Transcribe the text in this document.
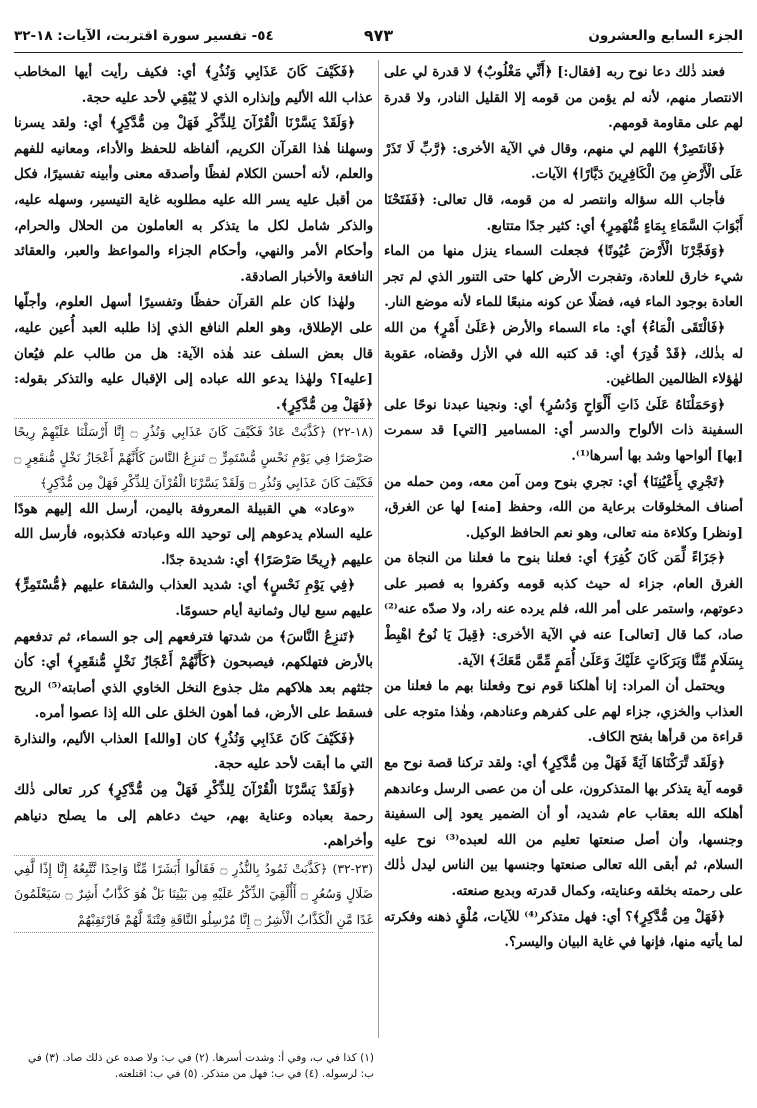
الجزء السابع والعشرون
٩٧٣
٥٤- تفسير سورة اقتربت، الآيات: ١٨-٣٢

فعند ذٰلك دعا نوح ربه [فقال:] ﴿أَنِّي مَغْلُوبٌ﴾ لا قدرة لي على الانتصار منهم، لأنه لم يؤمن من قومه إلا القليل النادر، ولا قدرة لهم على مقاومة قومهم.

﴿فَانتَصِرْ﴾ اللهم لي منهم، وقال في الآية الأخرى: ﴿رَّبِّ لَا تَذَرْ عَلَى الْأَرْضِ مِنَ الْكَافِرِينَ دَيَّارًا﴾ الآيات.

فأجاب الله سؤاله وانتصر له من قومه، قال تعالى: ﴿فَفَتَحْنَا أَبْوَابَ السَّمَاءِ بِمَاءٍ مُّنْهَمِرٍ﴾ أي: كثير جدًا متتابع.

﴿وَفَجَّرْنَا الْأَرْضَ عُيُونًا﴾ فجعلت السماء ينزل منها من الماء شيء خارق للعادة، وتفجرت الأرض كلها حتى التنور الذي لم تجر العادة بوجود الماء فيه، فضلًا عن كونه منبعًا للماء لأنه موضع النار.

﴿فَالْتَقَى الْمَاءُ﴾ أي: ماء السماء والأرض ﴿عَلَىٰ أَمْرٍ﴾ من الله له بذٰلك، ﴿قَدْ قُدِرَ﴾ أي: قد كتبه الله في الأزل وقضاه، عقوبة لهٰؤلاء الظالمين الطاغين.

﴿وَحَمَلْنَاهُ عَلَىٰ ذَاتِ أَلْوَاحٍ وَدُسُرٍ﴾ أي: ونجينا عبدنا نوحًا على السفينة ذات الألواح والدسر أي: المسامير [التي] قد سمرت [بها] ألواحها وشد بها أسرها⁽¹⁾.

﴿تَجْرِي بِأَعْيُنِنَا﴾ أي: تجري بنوح ومن آمن معه، ومن حمله من أصناف المخلوقات برعاية من الله، وحفظ [منه] لها عن الغرق، [ونظر] وكلاءة منه تعالى، وهو نعم الحافظ الوكيل.

﴿جَزَاءً لِّمَن كَانَ كُفِرَ﴾ أي: فعلنا بنوح ما فعلنا من النجاة من الغرق العام، جزاء له حيث كذبه قومه وكفروا به فصبر على دعوتهم، واستمر على أمر الله، فلم يرده عنه راد، ولا صدّه عنه⁽²⁾ صاد، كما قال [تعالى] عنه في الآية الأخرى: ﴿قِيلَ يَا نُوحُ اهْبِطْ بِسَلَامٍ مِّنَّا وَبَرَكَاتٍ عَلَيْكَ وَعَلَىٰ أُمَمٍ مِّمَّن مَّعَكَ﴾ الآية.

ويحتمل أن المراد: إنا أهلكنا قوم نوح وفعلنا بهم ما فعلنا من العذاب والخزي، جزاء لهم على كفرهم وعنادهم، وهٰذا متوجه على قراءة من قرأها بفتح الكاف.

﴿وَلَقَد تَّرَكْنَاهَا آيَةً فَهَلْ مِن مُّدَّكِرٍ﴾ أي: ولقد تركنا قصة نوح مع قومه آية يتذكر بها المتذكرون، على أن من عصى الرسل وعاندهم أهلكه الله بعقاب عام شديد، أو أن الضمير يعود إلى السفينة وجنسها، وأن أصل صنعتها تعليم من الله لعبده⁽³⁾ نوح عليه السلام، ثم أبقى الله تعالى صنعتها وجنسها بين الناس ليدل ذٰلك على رحمته بخلقه وعنايته، وكمال قدرته وبديع صنعته.

﴿فَهَلْ مِن مُّدَّكِرٍ﴾؟ أي: فهل متذكر⁽⁴⁾ للآيات، مُلْقٍ ذهنه وفكرته لما يأتيه منها، فإنها في غاية البيان واليسر؟.

﴿فَكَيْفَ كَانَ عَذَابِي وَنُذُرِ﴾ أي: فكيف رأيت أيها المخاطب عذاب الله الأليم وإنذاره الذي لا يُبْقِي لأحد عليه حجة.

﴿وَلَقَدْ يَسَّرْنَا الْقُرْآنَ لِلذِّكْرِ فَهَلْ مِن مُّدَّكِرٍ﴾ أي: ولقد يسرنا وسهلنا هٰذا القرآن الكريم، ألفاظه للحفظ والأداء، ومعانيه للفهم والعلم، لأنه أحسن الكلام لفظًا وأصدقه معنى وأبينه تفسيرًا، فكل من أقبل عليه يسر الله عليه مطلوبه غاية التيسير، وسهله عليه، والذكر شامل لكل ما يتذكر به العاملون من الحلال والحرام، وأحكام الأمر والنهي، وأحكام الجزاء والمواعظ والعبر، والعقائد النافعة والأخبار الصادقة.

ولهٰذا كان علم القرآن حفظًا وتفسيرًا أسهل العلوم، وأجلّها على الإطلاق، وهو العلم النافع الذي إذا طلبه العبد أُعين عليه، قال بعض السلف عند هٰذه الآية: هل من طالب علم فيُعان [عليه]؟ ولهٰذا يدعو الله عباده إلى الإقبال عليه والتذكر بقوله: ﴿فَهَلْ مِن مُّدَّكِرٍ﴾.

(١٨-٢٢) ﴿كَذَّبَتْ عَادٌ فَكَيْفَ كَانَ عَذَابِي وَنُذُرِ ۝ إِنَّا أَرْسَلْنَا عَلَيْهِمْ رِيحًا صَرْصَرًا فِي يَوْمِ نَحْسٍ مُّسْتَمِرٍّ ۝ تَنزِعُ النَّاسَ كَأَنَّهُمْ أَعْجَازُ نَخْلٍ مُّنقَعِرٍ ۝ فَكَيْفَ كَانَ عَذَابِي وَنُذُرِ ۝ وَلَقَدْ يَسَّرْنَا الْقُرْآنَ لِلذِّكْرِ فَهَلْ مِن مُّدَّكِرٍ﴾

«وعاد» هي القبيلة المعروفة باليمن، أرسل الله إليهم هودًا عليه السلام يدعوهم إلى توحيد الله وعبادته فكذبوه، فأرسل الله عليهم ﴿رِيحًا صَرْصَرًا﴾ أي: شديدة جدًا.

﴿فِي يَوْمِ نَحْسٍ﴾ أي: شديد العذاب والشقاء عليهم ﴿مُّسْتَمِرٍّ﴾ عليهم سبع ليال وثمانية أيام حسومًا.

﴿تَنزِعُ النَّاسَ﴾ من شدتها فترفعهم إلى جو السماء، ثم تدفعهم بالأرض فتهلكهم، فيصبحون ﴿كَأَنَّهُمْ أَعْجَازُ نَخْلٍ مُّنقَعِرٍ﴾ أي: كأن جثثهم بعد هلاكهم مثل جذوع النخل الخاوي الذي أصابته⁽⁵⁾ الريح فسقط على الأرض، فما أهون الخلق على الله إذا عصوا أمره.

﴿فَكَيْفَ كَانَ عَذَابِي وَنُذُرِ﴾ كان [والله] العذاب الأليم، والنذارة التي ما أبقت لأحد عليه حجة.

﴿وَلَقَدْ يَسَّرْنَا الْقُرْآنَ لِلذِّكْرِ فَهَلْ مِن مُّدَّكِرٍ﴾ كرر تعالى ذٰلك رحمة بعباده وعناية بهم، حيث دعاهم إلى ما يصلح دنياهم وأخراهم.

(٢٣-٣٢) ﴿كَذَّبَتْ ثَمُودُ بِالنُّذُرِ ۝ فَقَالُوا أَبَشَرًا مِّنَّا وَاحِدًا نَّتَّبِعُهُ إِنَّا إِذًا لَّفِي ضَلَالٍ وَسُعُرٍ ۝ أَأُلْقِيَ الذِّكْرُ عَلَيْهِ مِن بَيْنِنَا بَلْ هُوَ كَذَّابٌ أَشِرٌ ۝ سَيَعْلَمُونَ غَدًا مَّنِ الْكَذَّابُ الْأَشِرُ ۝ إِنَّا مُرْسِلُو النَّاقَةِ فِتْنَةً لَّهُمْ فَارْتَقِبْهُمْ

(١) كذا في ب، وفي أ: وشدت أسرها. (٢) في ب: ولا صده عن ذلك صاد. (٣) في ب: لرسوله. (٤) في ب: فهل من متذكر. (٥) في ب: اقتلعته.
